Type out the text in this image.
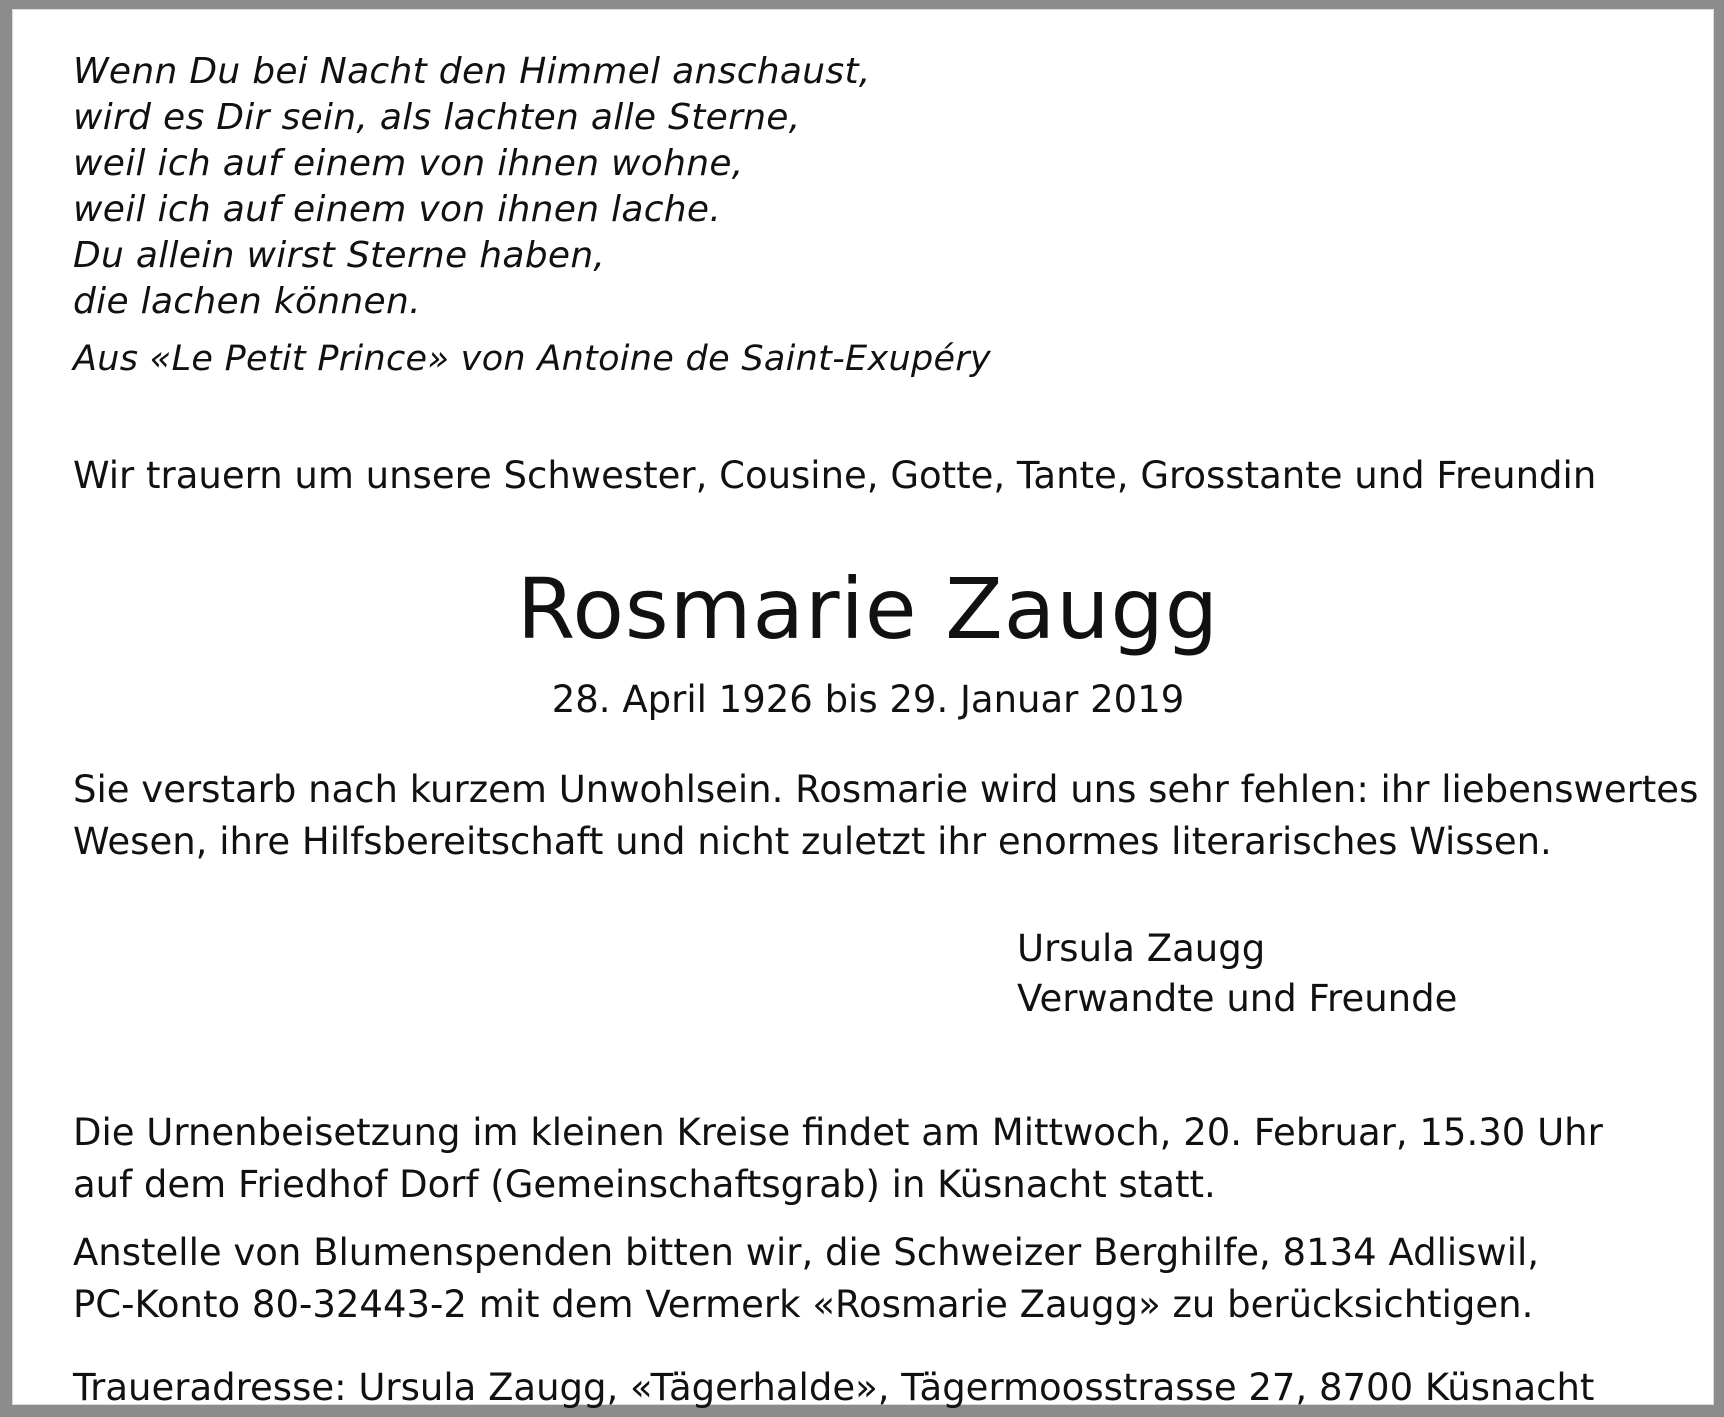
Wenn Du bei Nacht den Himmel anschaust,
wird es Dir sein, als lachten alle Sterne,
weil ich auf einem von ihnen wohne,
weil ich auf einem von ihnen lache.
Du allein wirst Sterne haben,
die lachen können.
Aus «Le Petit Prince» von Antoine de Saint-Exupéry
Wir trauern um unsere Schwester, Cousine, Gotte, Tante, Grosstante und Freundin
Rosmarie Zaugg
28. April 1926 bis 29. Januar 2019
Sie verstarb nach kurzem Unwohlsein. Rosmarie wird uns sehr fehlen: ihr liebenswertes
Wesen, ihre Hilfsbereitschaft und nicht zuletzt ihr enormes literarisches Wissen.
Ursula Zaugg
Verwandte und Freunde
Die Urnenbeisetzung im kleinen Kreise findet am Mittwoch, 20. Februar, 15.30 Uhr
auf dem Friedhof Dorf (Gemeinschaftsgrab) in Küsnacht statt.
Anstelle von Blumenspenden bitten wir, die Schweizer Berghilfe, 8134 Adliswil,
PC-Konto 80-32443-2 mit dem Vermerk «Rosmarie Zaugg» zu berücksichtigen.
Traueradresse: Ursula Zaugg, «Tägerhalde», Tägermoosstrasse 27, 8700 Küsnacht
